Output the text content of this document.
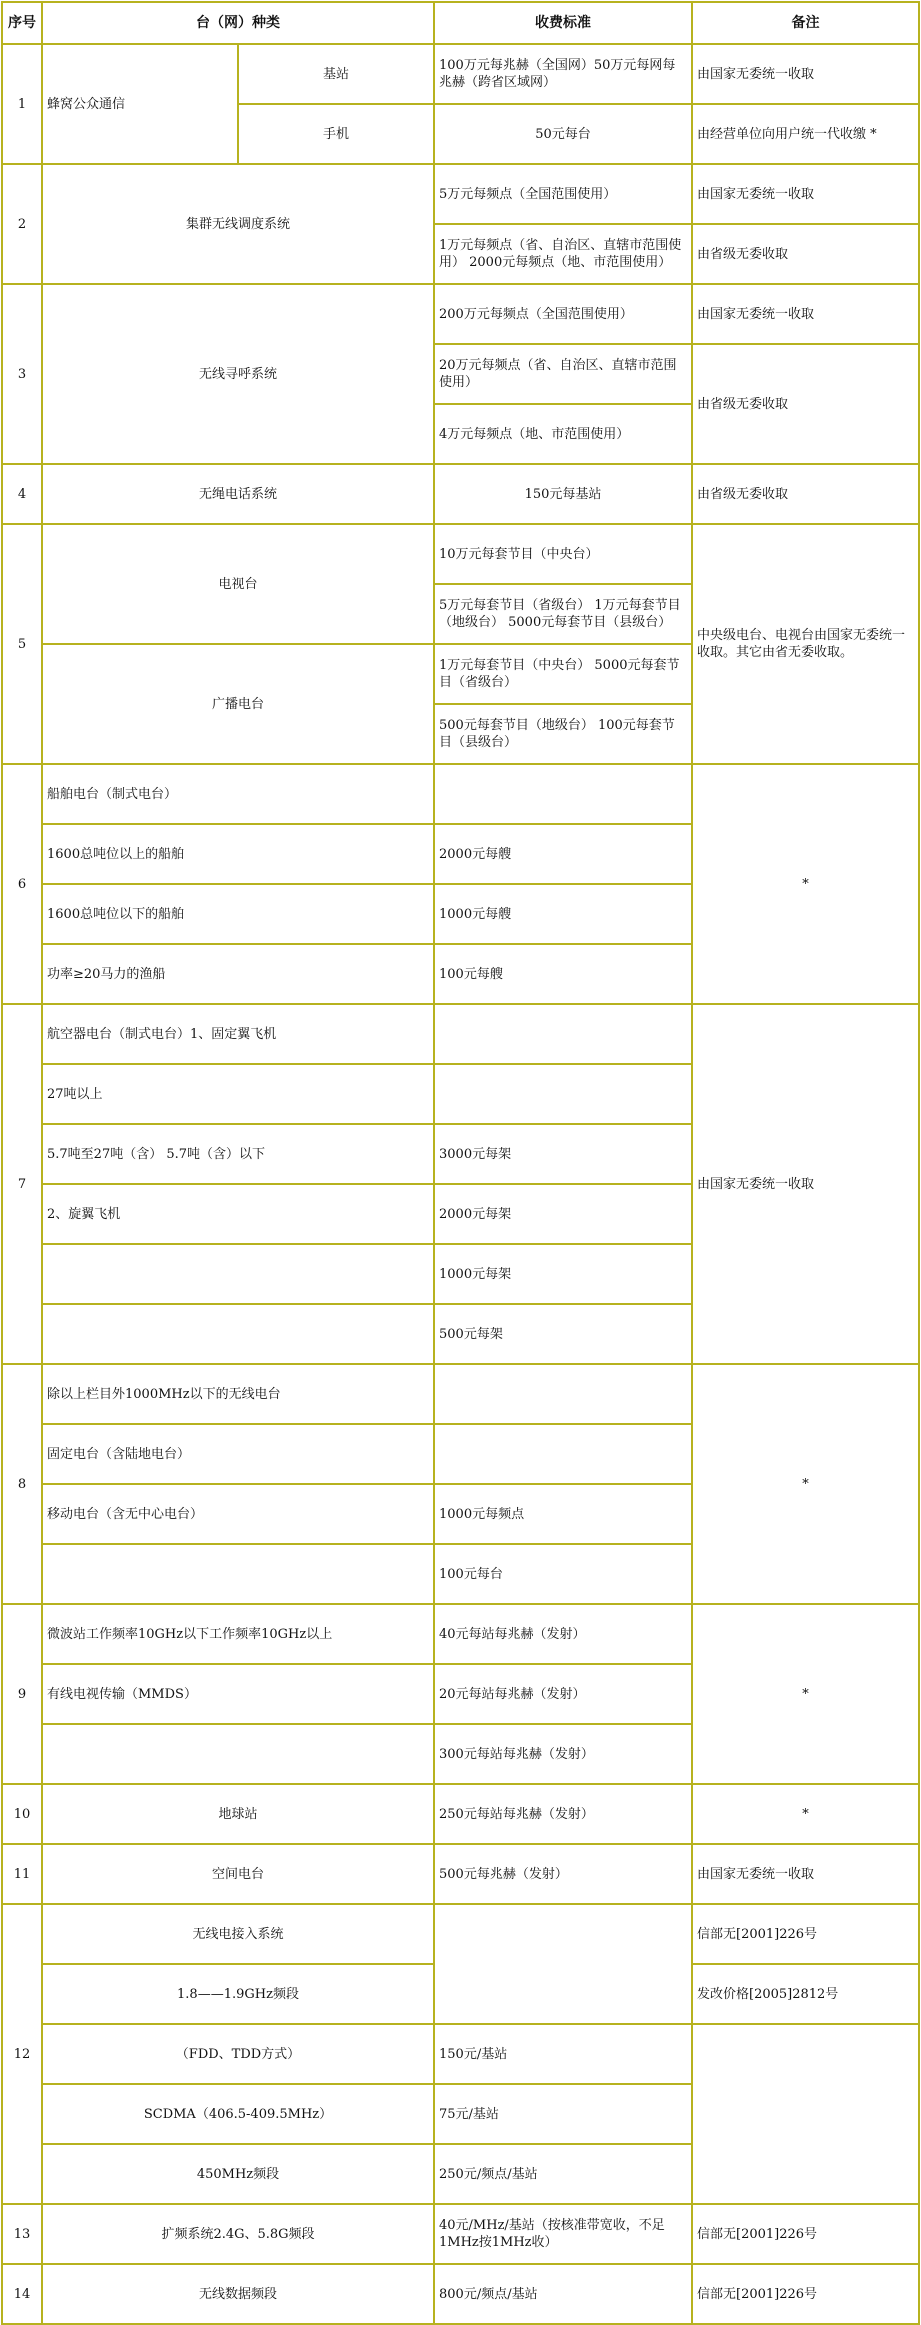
序号	台（网）种类		收费标准	备注
1	蜂窝公众通信	基站	100万元每兆赫（全国网）50万元每网每兆赫（跨省区域网）	由国家无委统一收取
		手机	50元每台	由经营单位向用户统一代收缴 *
2	集群无线调度系统		5万元每频点（全国范围使用）	由国家无委统一收取
			1万元每频点（省、自治区、直辖市范围使用） 2000元每频点（地、市范围使用）	由省级无委收取
3	无线寻呼系统		200万元每频点（全国范围使用）	由国家无委统一收取
			20万元每频点（省、自治区、直辖市范围使用）	由省级无委收取
			4万元每频点（地、市范围使用）	
4	无绳电话系统		150元每基站	由省级无委收取
5	电视台		10万元每套节目（中央台）	中央级电台、电视台由国家无委统一收取。其它由省无委收取。
			5万元每套节目（省级台） 1万元每套节目（地级台） 5000元每套节目（县级台）	
	广播电台		1万元每套节目（中央台） 5000元每套节目（省级台）	
			500元每套节目（地级台） 100元每套节目（县级台）	
6	船舶电台（制式电台）			*
	1600总吨位以上的船舶		2000元每艘	
	1600总吨位以下的船舶		1000元每艘	
	功率≥20马力的渔船		100元每艘	
7	航空器电台（制式电台）1、固定翼飞机			由国家无委统一收取
	27吨以上			
	5.7吨至27吨（含） 5.7吨（含）以下		3000元每架	
	2、旋翼飞机		2000元每架	
			1000元每架	
			500元每架	
8	除以上栏目外1000MHz以下的无线电台			*
	固定电台（含陆地电台）			
	移动电台（含无中心电台）		1000元每频点	
			100元每台	
9	微波站工作频率10GHz以下工作频率10GHz以上		40元每站每兆赫（发射）	*
	有线电视传输（MMDS）		20元每站每兆赫（发射）	
			300元每站每兆赫（发射）	
10	地球站		250元每站每兆赫（发射）	*
11	空间电台		500元每兆赫（发射）	由国家无委统一收取
12	无线电接入系统			信部无[2001]226号
	1.8——1.9GHz频段			发改价格[2005]2812号
	（FDD、TDD方式）		150元/基站	
	SCDMA（406.5-409.5MHz）		75元/基站	
	450MHz频段		250元/频点/基站	
13	扩频系统2.4G、5.8G频段		40元/MHz/基站（按核准带宽收，不足1MHz按1MHz收）	信部无[2001]226号
14	无线数据频段		800元/频点/基站	信部无[2001]226号
